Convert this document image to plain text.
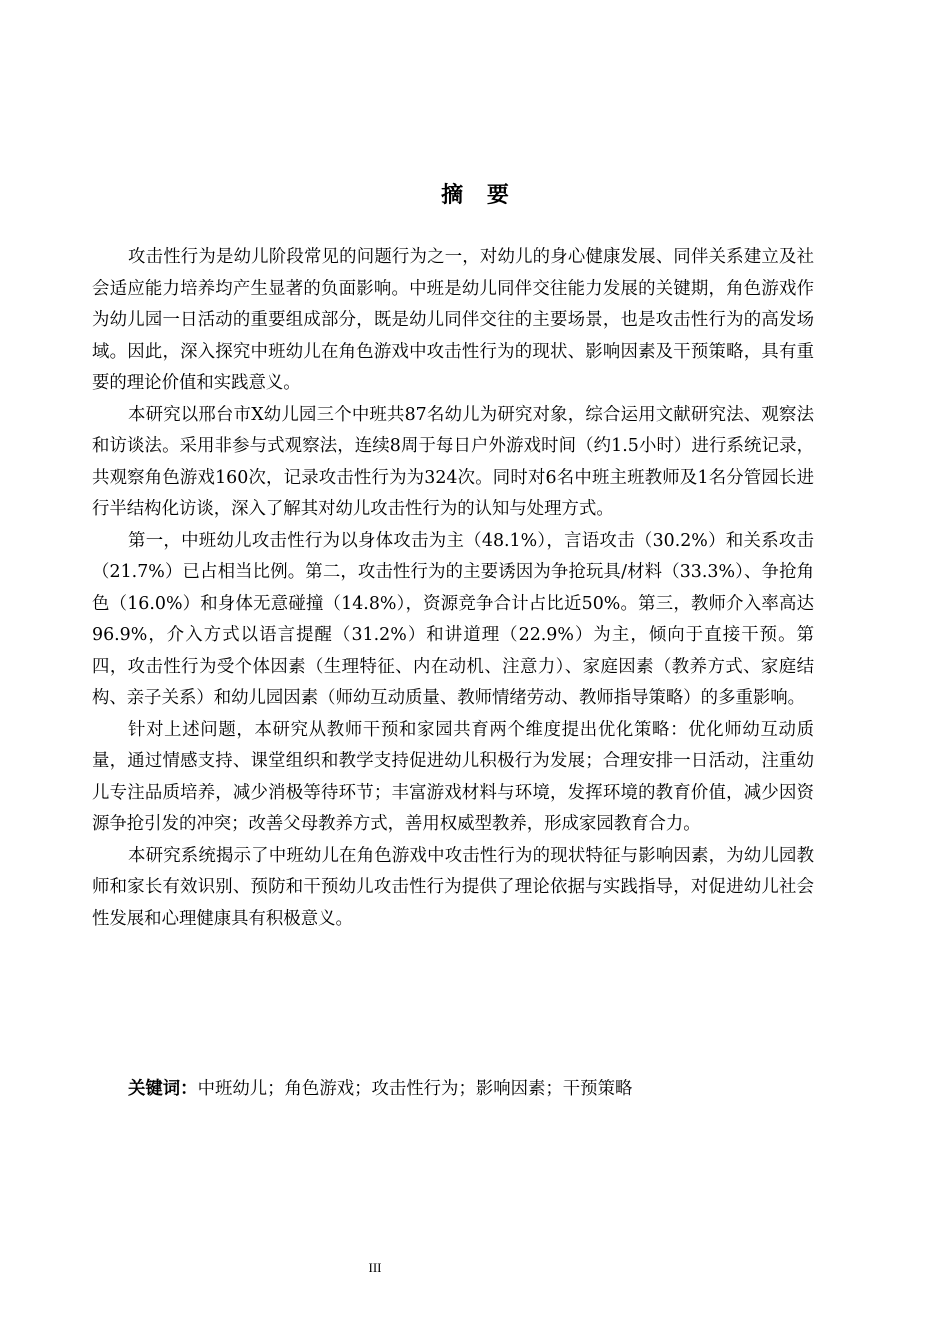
摘 要

攻击性行为是幼儿阶段常见的问题行为之一，对幼儿的身心健康发展、同伴关系建立及社会适应能力培养均产生显著的负面影响。中班是幼儿同伴交往能力发展的关键期，角色游戏作为幼儿园一日活动的重要组成部分，既是幼儿同伴交往的主要场景，也是攻击性行为的高发场域。因此，深入探究中班幼儿在角色游戏中攻击性行为的现状、影响因素及干预策略，具有重要的理论价值和实践意义。

本研究以邢台市X幼儿园三个中班共87名幼儿为研究对象，综合运用文献研究法、观察法和访谈法。采用非参与式观察法，连续8周于每日户外游戏时间（约1.5小时）进行系统记录，共观察角色游戏160次，记录攻击性行为为324次。同时对6名中班主班教师及1名分管园长进行半结构化访谈，深入了解其对幼儿攻击性行为的认知与处理方式。

第一，中班幼儿攻击性行为以身体攻击为主（48.1%），言语攻击（30.2%）和关系攻击（21.7%）已占相当比例。第二，攻击性行为的主要诱因为争抢玩具/材料（33.3%）、争抢角色（16.0%）和身体无意碰撞（14.8%），资源竞争合计占比近50%。第三，教师介入率高达96.9%，介入方式以语言提醒（31.2%）和讲道理（22.9%）为主，倾向于直接干预。第四，攻击性行为受个体因素（生理特征、内在动机、注意力）、家庭因素（教养方式、家庭结构、亲子关系）和幼儿园因素（师幼互动质量、教师情绪劳动、教师指导策略）的多重影响。

针对上述问题，本研究从教师干预和家园共育两个维度提出优化策略：优化师幼互动质量，通过情感支持、课堂组织和教学支持促进幼儿积极行为发展；合理安排一日活动，注重幼儿专注品质培养，减少消极等待环节；丰富游戏材料与环境，发挥环境的教育价值，减少因资源争抢引发的冲突；改善父母教养方式，善用权威型教养，形成家园教育合力。

本研究系统揭示了中班幼儿在角色游戏中攻击性行为的现状特征与影响因素，为幼儿园教师和家长有效识别、预防和干预幼儿攻击性行为提供了理论依据与实践指导，对促进幼儿社会性发展和心理健康具有积极意义。

关键词：中班幼儿；角色游戏；攻击性行为；影响因素；干预策略
III
